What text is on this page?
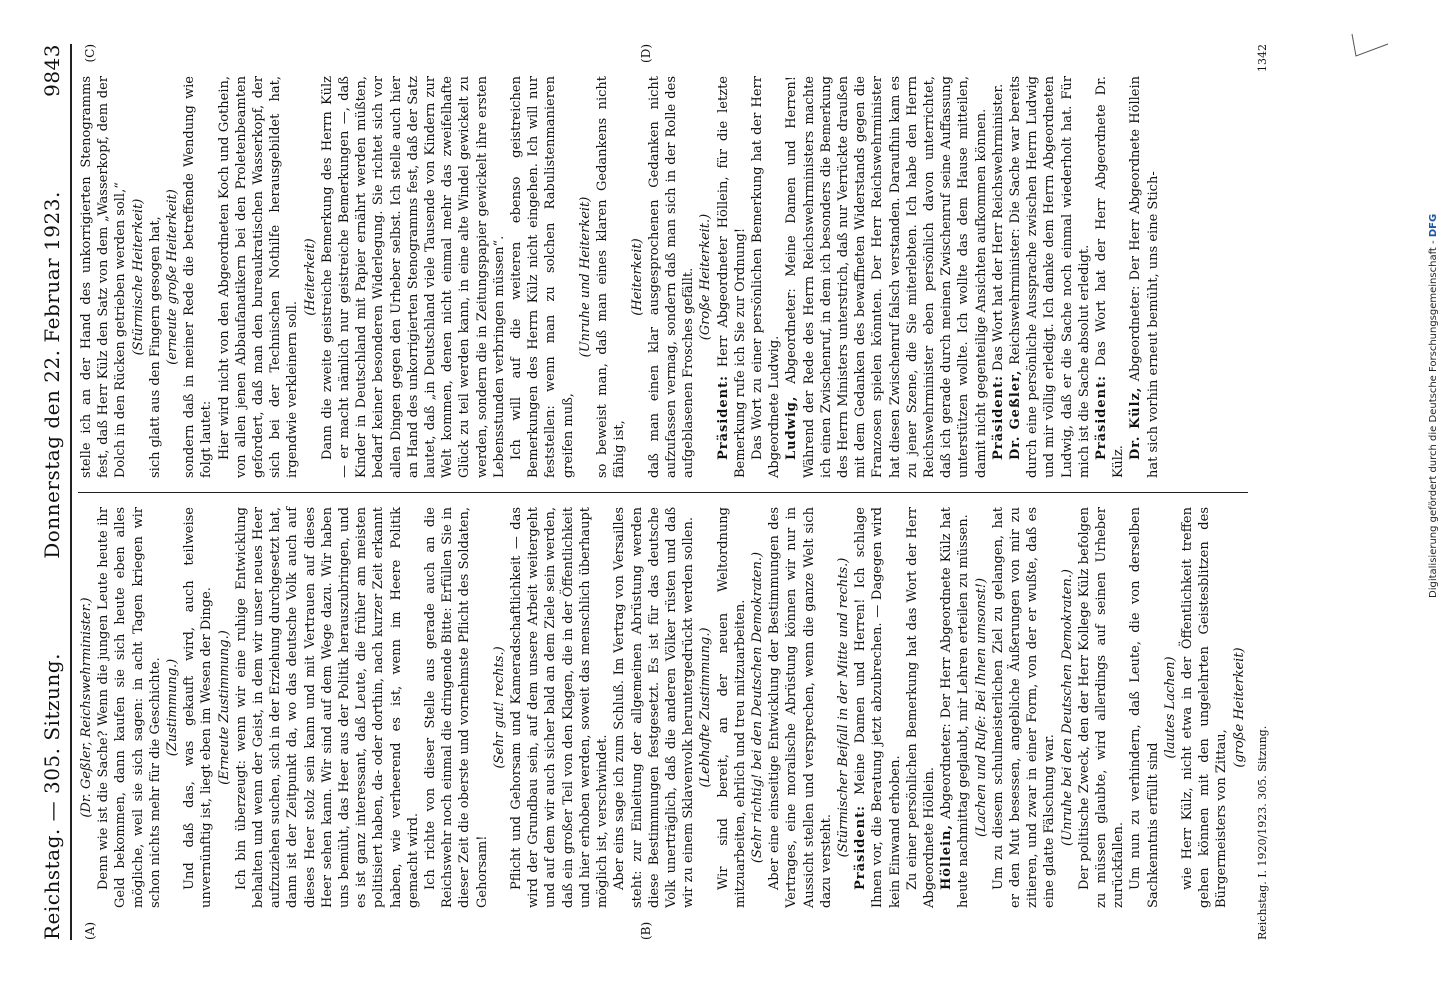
Reichstag. — 305. Sitzung.
Donnerstag den 22. Februar 1923.
9843
(A)	(B)

(Dr. Geßler, Reichswehrminister.) Denn wie ist die Sache? Wenn die jungen Leute heute ihr Geld bekommen, dann kaufen sie sich heute eben alles mögliche, weil sie sich sagen: in acht Tagen kriegen wir schon nichts mehr für die Geschichte. (Zustimmung.) Und daß das, was gekauft wird, auch teilweise unvernünftig ist, liegt eben im Wesen der Dinge. (Erneute Zustimmung.) Ich bin überzeugt: wenn wir eine ruhige Entwicklung behalten und wenn der Geist, in dem wir unser neues Heer aufzuziehen suchen, sich in der Erziehung durchgesetzt hat, dann ist der Zeitpunkt da, wo das deutsche Volk auch auf dieses Heer stolz sein kann und mit Vertrauen auf dieses Heer sehen kann. Wir sind auf dem Wege dazu. Wir haben uns bemüht, das Heer aus der Politik herauszubringen, und es ist ganz interessant, daß Leute, die früher am meisten politisiert haben, da- oder dorthin, nach kurzer Zeit erkannt haben, wie verheerend es ist, wenn im Heere Politik gemacht wird. Ich richte von dieser Stelle aus gerade auch an die Reichswehr noch einmal die dringende Bitte: Erfüllen Sie in dieser Zeit die oberste und vornehmste Pflicht des Soldaten, Gehorsam!

(Sehr gut! rechts.) Pflicht und Gehorsam und Kameradschaftlichkeit — das wird der Grundbau sein, auf dem unsere Arbeit weitergeht und auf dem wir auch sicher bald an dem Ziele sein werden, daß ein großer Teil von den Klagen, die in der Öffentlichkeit und hier erhoben werden, soweit das menschlich überhaupt möglich ist, verschwindet. Aber eins sage ich zum Schluß. Im Vertrag von Versailles steht: zur Einleitung der allgemeinen Abrüstung werden diese Bestimmungen festgesetzt. Es ist für das deutsche Volk unerträglich, daß die anderen Völker rüsten und daß wir zu einem Sklavenvolk heruntergedrückt werden sollen. (Lebhafte Zustimmung.) Wir sind bereit, an der neuen Weltordnung mitzuarbeiten, ehrlich und treu mitzuarbeiten. (Sehr richtig! bei den Deutschen Demokraten.) Aber eine einseitige Entwicklung der Bestimmungen des Vertrages, eine moralische Abrüstung können wir nur in Aussicht stellen und versprechen, wenn die ganze Welt sich dazu versteht.

(Stürmischer Beifall in der Mitte und rechts.) Präsident: Meine Damen und Herren! Ich schlage Ihnen vor, die Beratung jetzt abzubrechen. — Dagegen wird kein Einwand erhoben. Zu einer persönlichen Bemerkung hat das Wort der Herr Abgeordnete Höllein. Höllein, Abgeordneter: Der Herr Abgeordnete Külz hat heute nachmittag geglaubt, mir Lehren erteilen zu müssen. (Lachen und Rufe: Bei Ihnen umsonst!) Um zu diesem schulmeisterlichen Ziel zu gelangen, hat er den Mut besessen, angebliche Äußerungen von mir zu zitieren, und zwar in einer Form, von der er wußte, daß es eine glatte Fälschung war. (Unruhe bei den Deutschen Demokraten.) Der politische Zweck, den der Herr Kollege Külz befolgen zu müssen glaubte, wird allerdings auf seinen Urheber zurückfallen. Um nun zu verhindern, daß Leute, die von derselben Sachkenntnis erfüllt sind

(lautes Lachen) wie Herr Külz, nicht etwa in der Öffentlichkeit treffen gehen können mit den ungelehrten Geistesblitzen des Bürgermeisters von Zittau,

(große Heiterkeit)

(C)	(D)

stelle ich an der Hand des unkorrigierten Stenogramms fest, daß Herr Külz den Satz von dem „Wasserkopf, dem der Dolch in den Rücken getrieben werden soll,“ (Stürmische Heiterkeit) sich glatt aus den Fingern gesogen hat, (erneute große Heiterkeit) sondern daß in meiner Rede die betreffende Wendung wie folgt lautet: Hier wird nicht von den Abgeordneten Koch und Gothein, von allen jenen Abbaufanatikern bei den Proletenbeamten gefordert, daß man den bureaukratischen Wasserkopf, der sich bei der Technischen Nothilfe herausgebildet hat, irgendwie verkleinern soll.

(Heiterkeit) Dann die zweite geistreiche Bemerkung des Herrn Külz — er macht nämlich nur geistreiche Bemerkungen —, daß Kinder in Deutschland mit Papier ernährt werden müßten, bedarf keiner besonderen Widerlegung. Sie richtet sich vor allen Dingen gegen den Urheber selbst. Ich stelle auch hier an Hand des unkorrigierten Stenogramms fest, daß der Satz lautet, daß „in Deutschland viele Tausende von Kindern zur Welt kommen, denen nicht einmal mehr das zweifelhafte Glück zu teil werden kann, in eine alte Windel gewickelt zu werden, sondern die in Zeitungspapier gewickelt ihre ersten Lebensstunden verbringen müssen“. Ich will auf die weiteren ebenso geistreichen Bemerkungen des Herrn Külz nicht eingehen. Ich will nur feststellen: wenn man zu solchen Rabulistenmanieren greifen muß,

(Unruhe und Heiterkeit) so beweist man, daß man eines klaren Gedankens nicht fähig ist,

(Heiterkeit) daß man einen klar ausgesprochenen Gedanken nicht aufzufassen vermag, sondern daß man sich in der Rolle des aufgeblasenen Frosches gefällt. (Große Heiterkeit.)

Präsident: Herr Abgeordneter Höllein, für die letzte Bemerkung rufe ich Sie zur Ordnung! Das Wort zu einer persönlichen Bemerkung hat der Herr Abgeordnete Ludwig. Ludwig, Abgeordneter: Meine Damen und Herren! Während der Rede des Herrn Reichswehrministers machte ich einen Zwischenruf, in dem ich besonders die Bemerkung des Herrn Ministers unterstrich, daß nur Verrückte draußen mit dem Gedanken des bewaffneten Widerstands gegen die Franzosen spielen könnten. Der Herr Reichswehrminister hat diesen Zwischenruf falsch verstanden. Daraufhin kam es zu jener Szene, die Sie miterlebten. Ich habe den Herrn Reichswehrminister eben persönlich davon unterrichtet, daß ich gerade durch meinen Zwischenruf seine Auffassung unterstützen wollte. Ich wollte das dem Hause mitteilen, damit nicht gegenteilige Ansichten aufkommen können. Präsident: Das Wort hat der Herr Reichswehrminister.

Dr. Geßler, Reichswehrminister: Die Sache war bereits durch eine persönliche Aussprache zwischen Herrn Ludwig und mir völlig erledigt. Ich danke dem Herrn Abgeordneten Ludwig, daß er die Sache noch einmal wiederholt hat. Für mich ist die Sache absolut erledigt. Präsident: Das Wort hat der Herr Abgeordnete Dr. Külz.

Dr. Külz, Abgeordneter: Der Herr Abgeordnete Höllein hat sich vorhin erneut bemüht, uns eine Stich-

Reichstag. I. 1920/1923. 305. Sitzung.
1342
Digitalisierung gefördert durch die Deutsche Forschungsgemeinschaft - DFG
